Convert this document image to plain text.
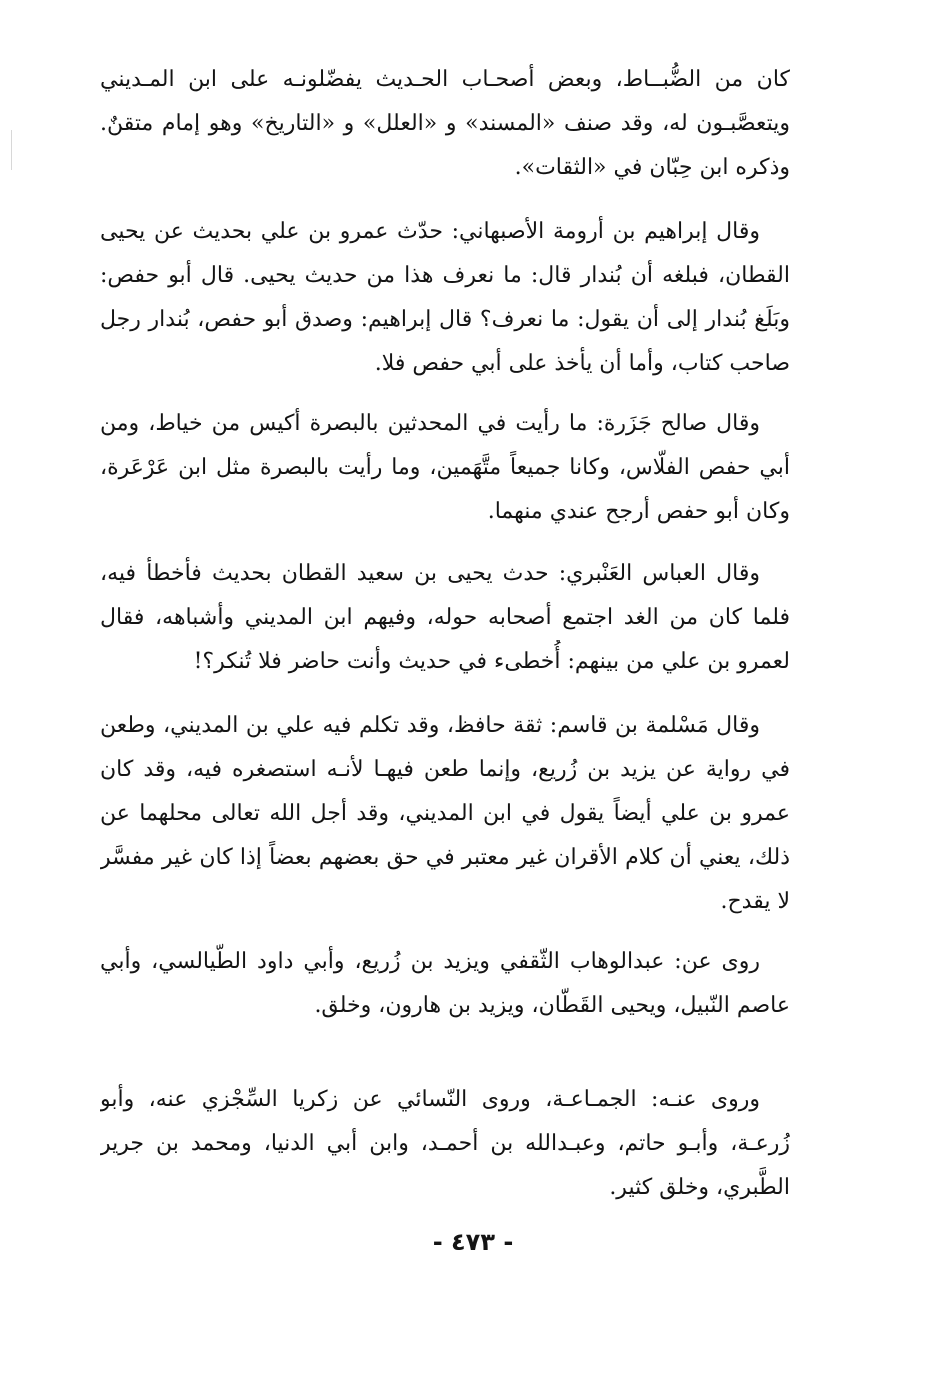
كان من الضُّبــاط، وبعض أصحـاب الحـديث يفضّلونـه على ابن المـديني
ويتعصَّبـون له، وقد صنف «المسند» و «العلل» و «التاريخ» وهو إمام متقنٌ.
وذكره ابن حِبّان في «الثقات».
وقال إبراهيم بن أرومة الأصبهاني: حدّث عمرو بن علي بحديث عن يحيى
القطان، فبلغه أن بُندار قال: ما نعرف هذا من حديث يحيى. قال أبو حفص:
وبَلَغ بُندار إلى أن يقول: ما نعرف؟ قال إبراهيم: وصدق أبو حفص، بُندار رجل
صاحب كتاب، وأما أن يأخذ على أبي حفص فلا.
وقال صالح جَزَرة: ما رأيت في المحدثين بالبصرة أكيس من خياط، ومن
أبي حفص الفلّاس، وكانا جميعاً متَّهَمين، وما رأيت بالبصرة مثل ابن عَرْعَرة،
وكان أبو حفص أرجح عندي منهما.
وقال العباس العَنْبري: حدث يحيى بن سعيد القطان بحديث فأخطأ فيه،
فلما كان من الغد اجتمع أصحابه حوله، وفيهم ابن المديني وأشباهه، فقال
لعمرو بن علي من بينهم: أُخطىء في حديث وأنت حاضر فلا تُنكر؟!
وقال مَسْلمة بن قاسم: ثقة حافظ، وقد تكلم فيه علي بن المديني، وطعن
في رواية عن يزيد بن زُريع، وإنما طعن فيهـا لأنـه استصغره فيه، وقد كان
عمرو بن علي أيضاً يقول في ابن المديني، وقد أجل الله تعالى محلهما عن
ذلك، يعني أن كلام الأقران غير معتبر في حق بعضهم بعضاً إذا كان غير مفسَّر
لا يقدح.
روى عن: عبدالوهاب الثّقفي ويزيد بن زُريع، وأبي داود الطّيالسي، وأبي
عاصم النّبيل، ويحيى القَطّان، ويزيد بن هارون، وخلق.
وروى عنـه: الجمـاعـة، وروى النّسائي عن زكريا السِّجْزي عنه، وأبو
زُرعـة، وأبـو حاتم، وعبـدالله بن أحمـد، وابن أبي الدنيا، ومحمد بن جرير
الطَّبري، وخلق كثير.
- ٤٧٣ -
